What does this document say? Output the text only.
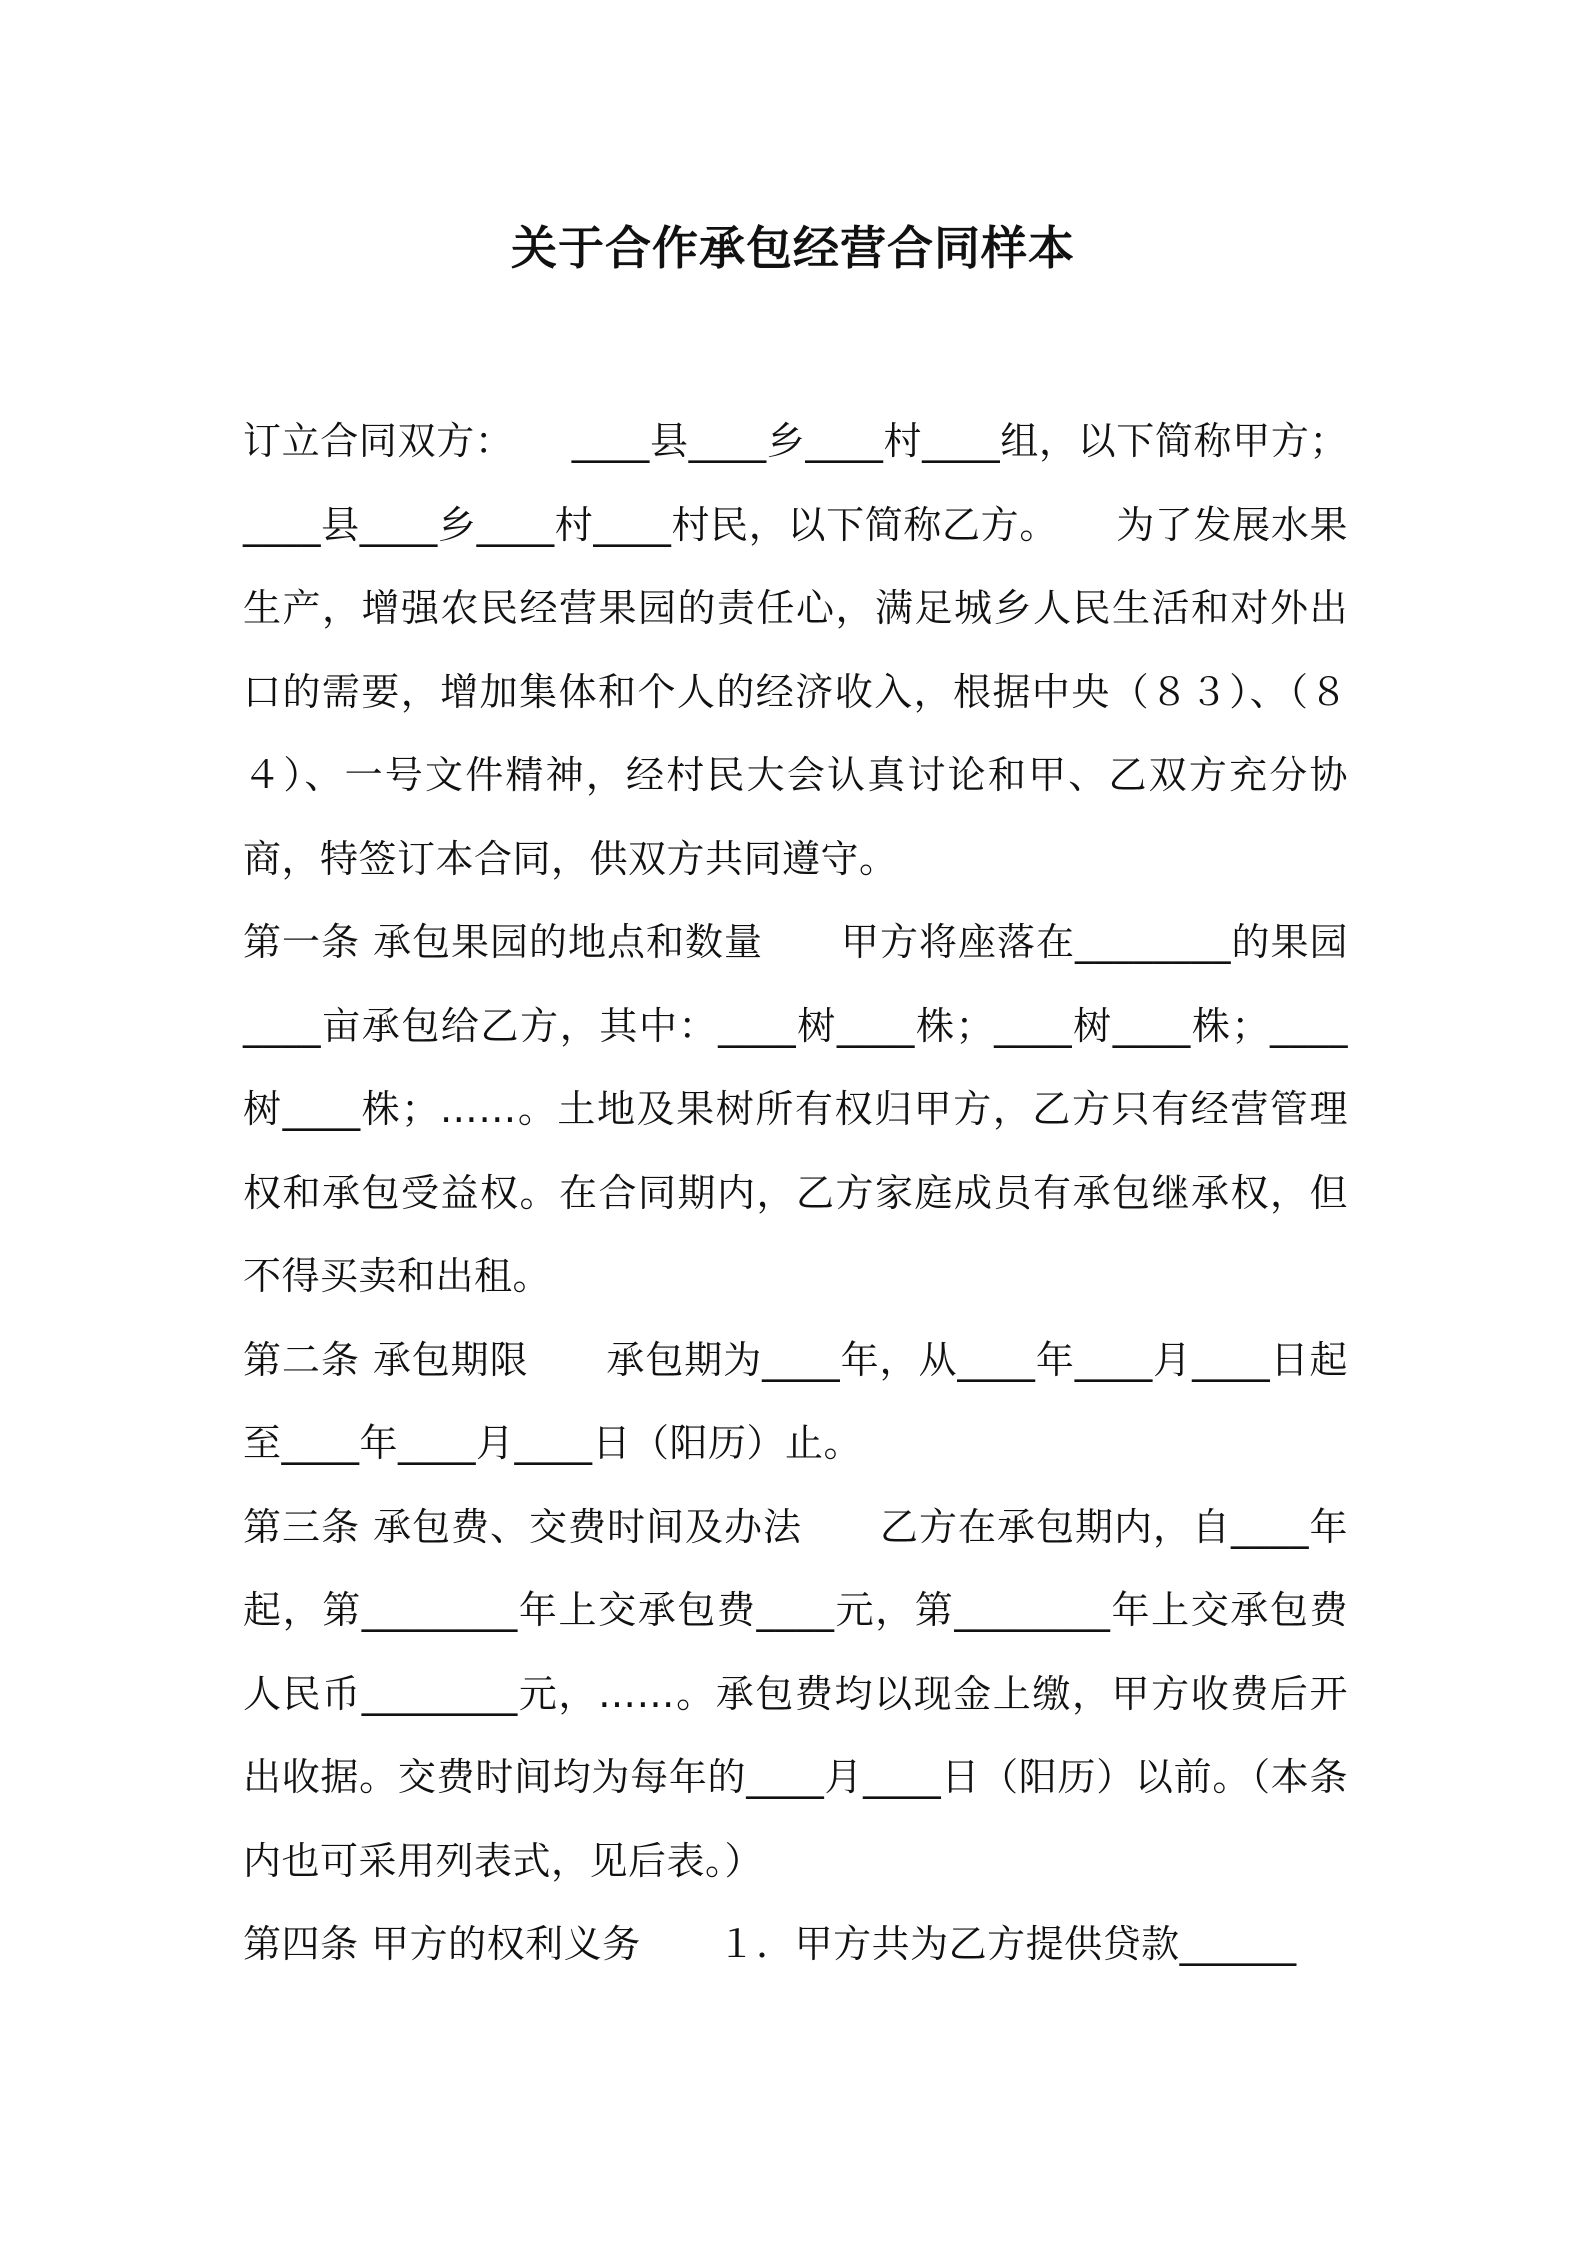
关于合作承包经营合同样本

订立合同双方：　　____县____乡____村____组，以下简称甲方；____县____乡____村____村民，以下简称乙方。　　为了发展水果生产，增强农民经营果园的责任心，满足城乡人民生活和对外出口的需要，增加集体和个人的经济收入，根据中央（８３）、（８４）、一号文件精神，经村民大会认真讨论和甲、乙双方充分协商，特签订本合同，供双方共同遵守。

第一条 承包果园的地点和数量　　甲方将座落在________的果园____亩承包给乙方，其中：____树____株；____树____株；____树____株；……。土地及果树所有权归甲方，乙方只有经营管理权和承包受益权。在合同期内，乙方家庭成员有承包继承权，但不得买卖和出租。

第二条 承包期限　　承包期为____年，从____年____月____日起至____年____月____日（阳历）止。

第三条 承包费、交费时间及办法　　乙方在承包期内，自____年起，第________年上交承包费____元，第________年上交承包费人民币________元，……。承包费均以现金上缴，甲方收费后开出收据。交费时间均为每年的____月____日（阳历）以前。（本条内也可采用列表式，见后表。）

第四条 甲方的权利义务　　１．甲方共为乙方提供贷款______
